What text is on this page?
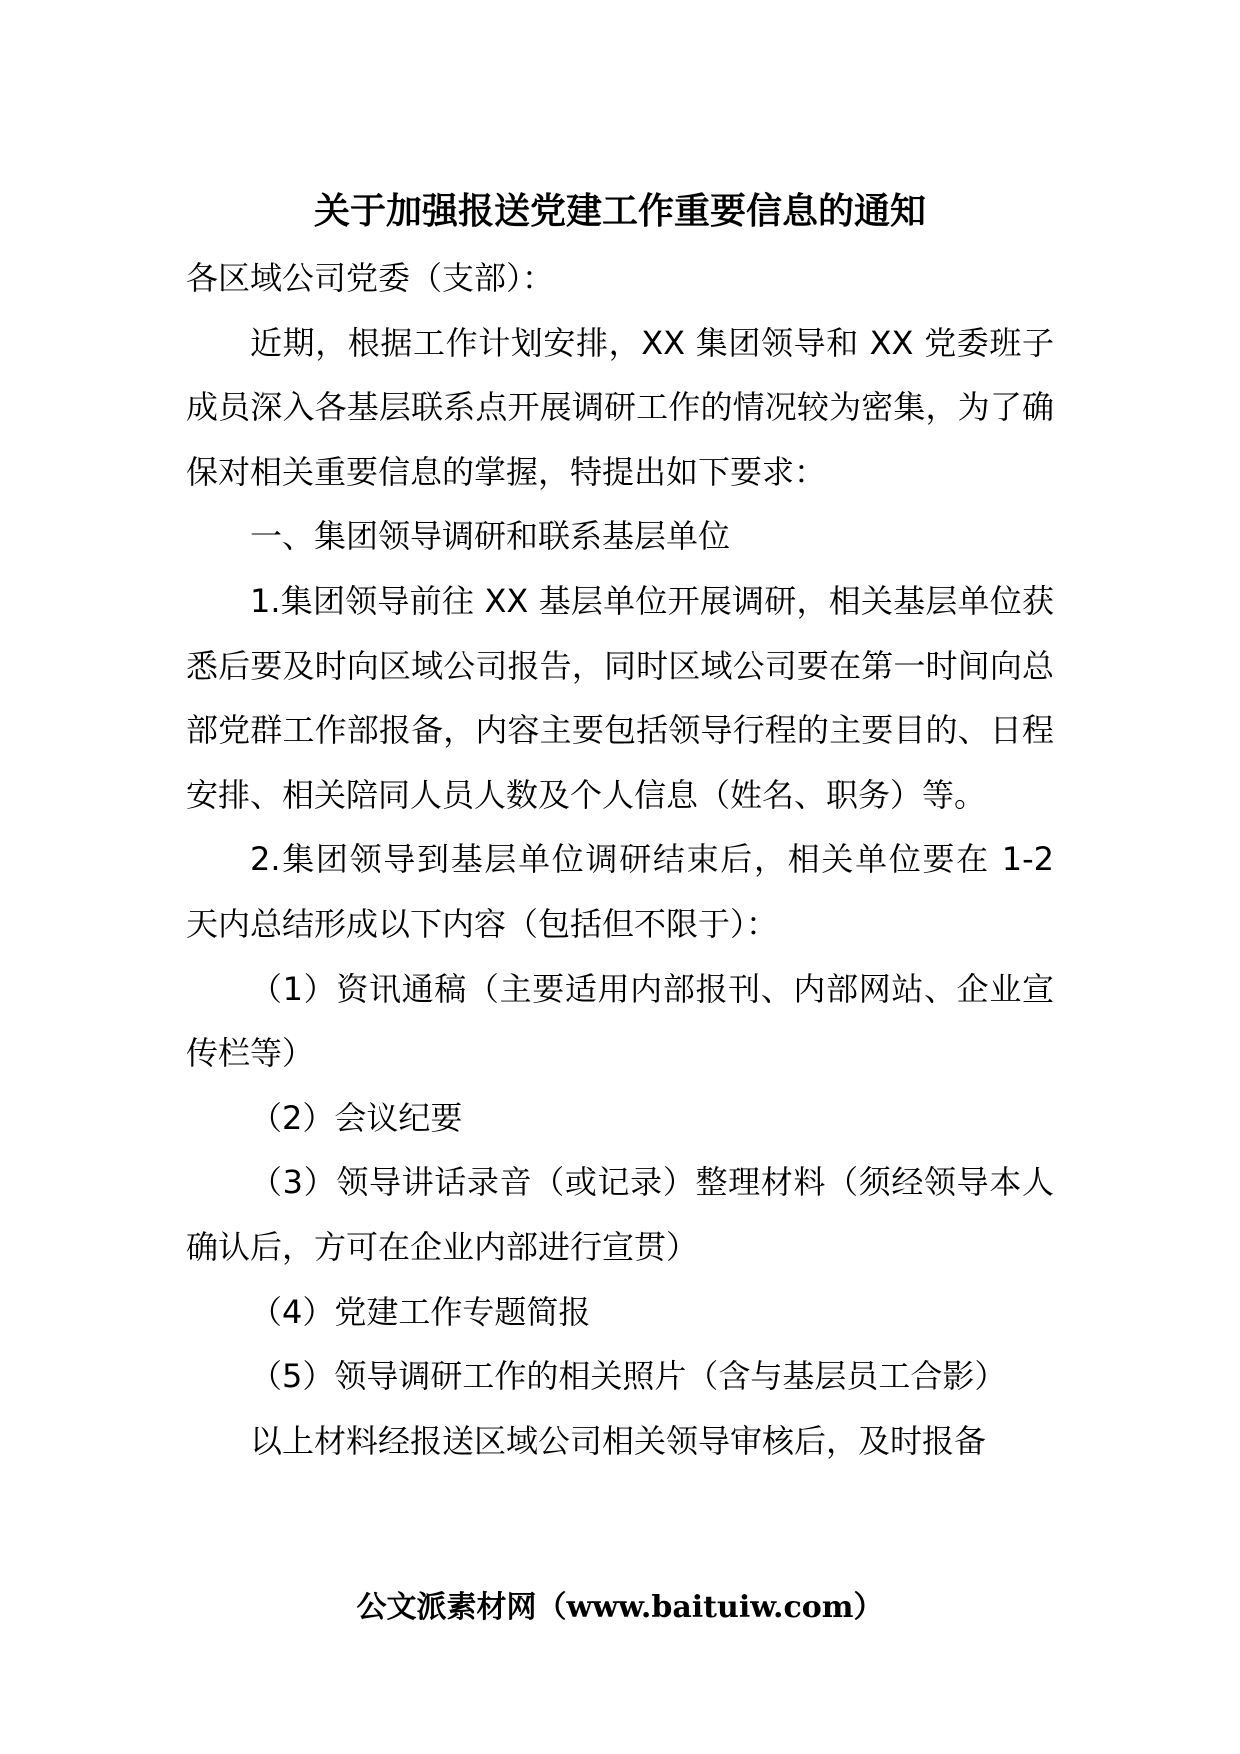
关于加强报送党建工作重要信息的通知

各区域公司党委（支部）：

近期，根据工作计划安排，XX 集团领导和 XX 党委班子成员深入各基层联系点开展调研工作的情况较为密集，为了确保对相关重要信息的掌握，特提出如下要求：

一、集团领导调研和联系基层单位

1.集团领导前往 XX 基层单位开展调研，相关基层单位获悉后要及时向区域公司报告，同时区域公司要在第一时间向总部党群工作部报备，内容主要包括领导行程的主要目的、日程安排、相关陪同人员人数及个人信息（姓名、职务）等。

2.集团领导到基层单位调研结束后，相关单位要在 1-2 天内总结形成以下内容（包括但不限于）：

（1）资讯通稿（主要适用内部报刊、内部网站、企业宣传栏等）

（2）会议纪要

（3）领导讲话录音（或记录）整理材料（须经领导本人确认后，方可在企业内部进行宣贯）

（4）党建工作专题简报

（5）领导调研工作的相关照片（含与基层员工合影）

以上材料经报送区域公司相关领导审核后，及时报备

公文派素材网（www.baituiw.com）
